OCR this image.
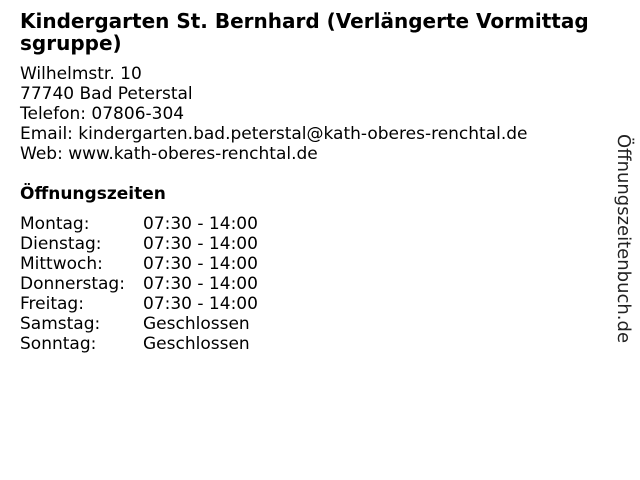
Kindergarten St. Bernhard (Verlängerte Vormittagsgruppe)
Wilhelmstr. 10
77740 Bad Peterstal
Telefon: 07806-304
Email: kindergarten.bad.peterstal@kath-oberes-renchtal.de
Web: www.kath-oberes-renchtal.de
Öffnungszeiten
Montag:	07:30 - 14:00
Dienstag:	07:30 - 14:00
Mittwoch:	07:30 - 14:00
Donnerstag:	07:30 - 14:00
Freitag:	07:30 - 14:00
Samstag:	Geschlossen
Sonntag:	Geschlossen
Öffnungszeitenbuch.de
